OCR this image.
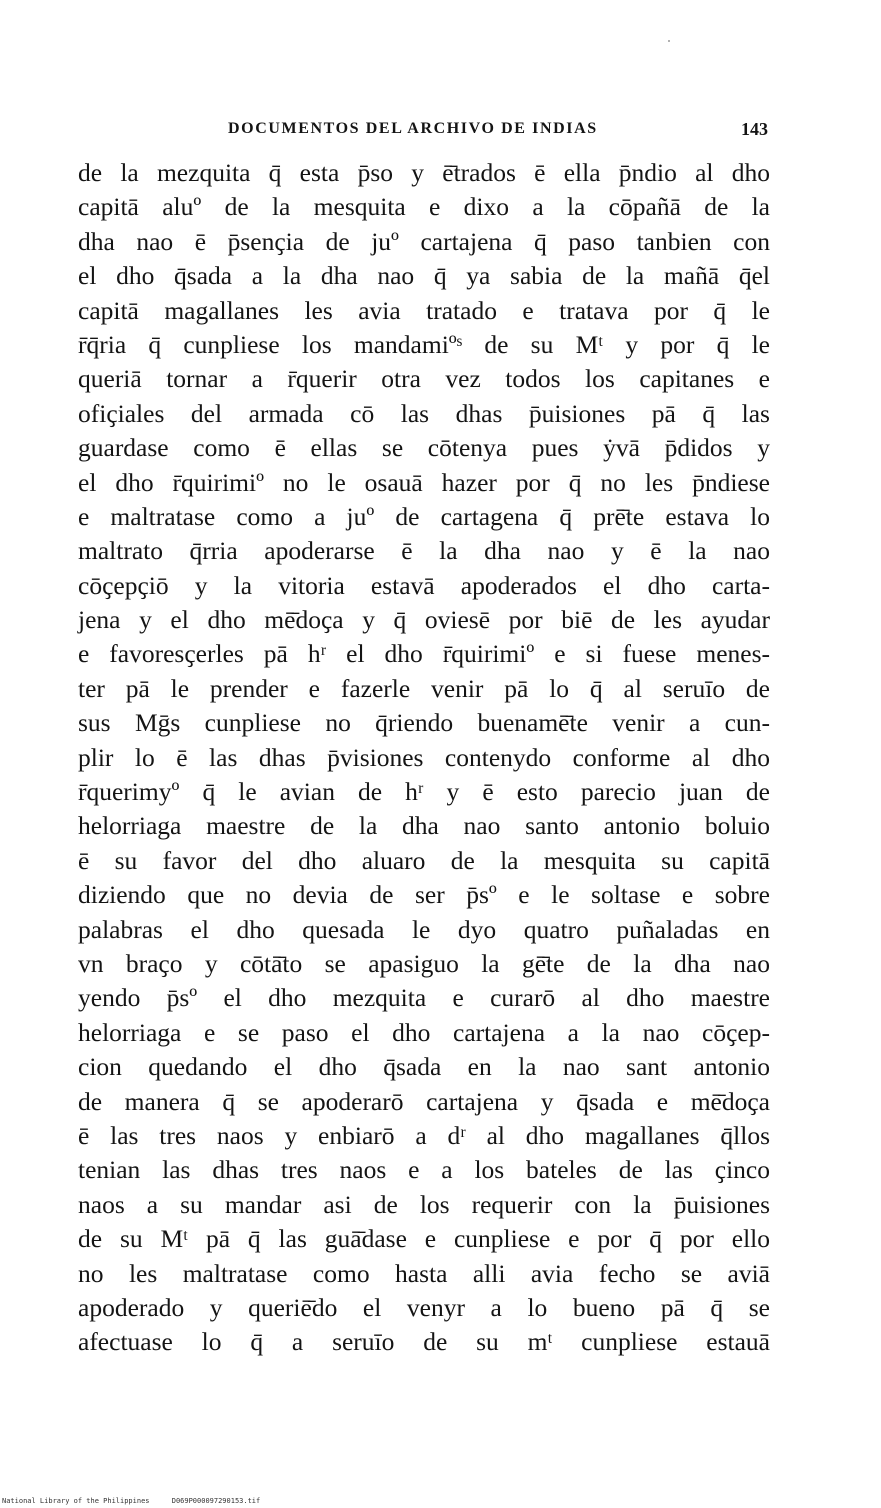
DOCUMENTOS DEL ARCHIVO DE INDIAS	143
de la mezquita q̄ esta p̄so y ē̄trados ē ella p̄ndio al dho
capitā aluº de la mesquita e dixo a la cōpañā de la
dha nao ē p̄senҫia de juº cartajena q̄ paso tanbien con
el dho q̄sada a la dha nao q̄ ya sabia de la mañā q̄el
capitā magallanes les avia tratado e tratava por q̄ le
r̄q̄ria q̄ cunpliese los mandamiºˢ de su Mᵗ y por q̄ le
queriā tornar a r̄querir otra vez todos los capitanes e
ofiҫiales del armada cō las dhas p̄uisiones pā q̄ las
guardase como ē ellas se cōtenya pues ẏvā p̄didos y
el dho r̄quirimiº no le osauā hazer por q̄ no les p̄ndiese
e maltratase como a juº de cartagena q̄ prē̄te estava lo
maltrato q̄rria apoderarse ē la dha nao y ē la nao
cōҫepҫiō y la vitoria estavā apoderados el dho carta-
jena y el dho mē̄doҫa y q̄ oviesē por biē de les ayudar
e favoresҫerles pā hʳ el dho r̄quirimiº e si fuese menes-
ter pā le prender e fazerle venir pā lo q̄ al seruīo de
sus Mḡs cunpliese no q̄riendo buenamē̄te venir a cun-
plir lo ē las dhas p̄visiones contenydo conforme al dho
r̄querimyº q̄ le avian de hʳ y ē esto parecio juan de
helorriaga maestre de la dha nao santo antonio boluio
ē su favor del dho aluaro de la mesquita su capitā
diziendo que no devia de ser p̄sº e le soltase e sobre
palabras el dho quesada le dyo quatro puñaladas en
vn braҫo y cōtā̄to se apasiguo la gē̄te de la dha nao
yendo p̄sº el dho mezquita e curarō al dho maestre
helorriaga e se paso el dho cartajena a la nao cōҫep-
cion quedando el dho q̄sada en la nao sant antonio
de manera q̄ se apoderarō cartajena y q̄sada e mē̄doҫa
ē las tres naos y enbiarō a dʳ al dho magallanes q̄llos
tenian las dhas tres naos e a los bateles de las ҫinco
naos a su mandar asi de los requerir con la p̄uisiones
de su Mᵗ pā q̄ las guā̄dase e cunpliese e por q̄ por ello
no les maltratase como hasta alli avia fecho se aviā
apoderado y queriē̄do el venyr a lo bueno pā q̄ se
afectuase lo q̄ a seruīo de su mᵗ cunpliese estauā
National Library of the Philippines	D069P000097290153.tif
